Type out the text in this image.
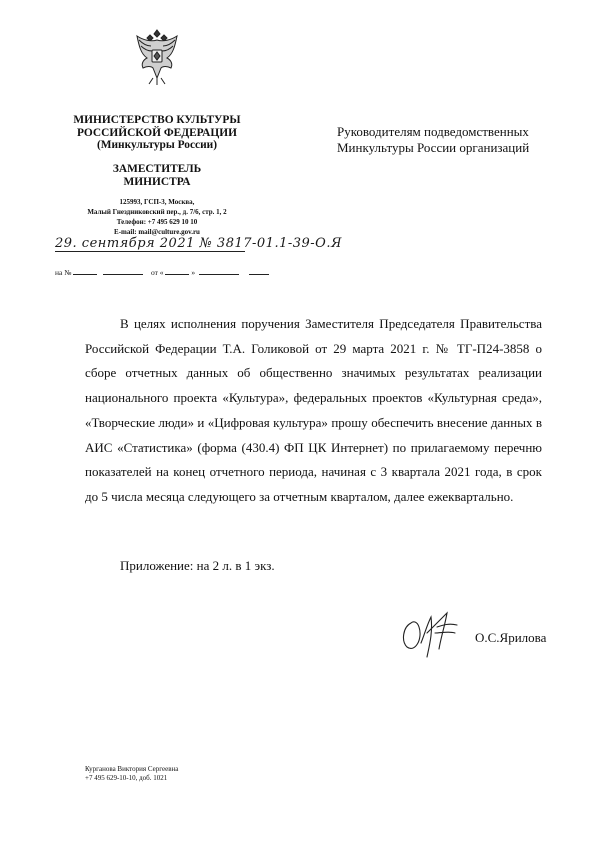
МИНИСТЕРСТВО КУЛЬТУРЫ
РОССИЙСКОЙ ФЕДЕРАЦИИ
(Минкультуры России)
ЗАМЕСТИТЕЛЬ
МИНИСТРА
125993, ГСП-3, Москва,
Малый Гнездниковский пер., д. 7/6, стр. 1, 2
Телефон: +7 495 629 10 10
E-mail: mail@culture.gov.ru
29. сентября 2021 № 3817-01.1-39-О.Я
на №	от «	»
Руководителям подведомственных
Минкультуры России организаций
В целях исполнения поручения Заместителя Председателя Правительства Российской Федерации Т.А. Голиковой от 29 марта 2021 г. № ТГ-П24-3858 о сборе отчетных данных об общественно значимых результатах реализации национального проекта «Культура», федеральных проектов «Культурная среда», «Творческие люди» и «Цифровая культура» прошу обеспечить внесение данных в АИС «Статистика» (форма (430.4) ФП ЦК Интернет) по прилагаемому перечню показателей на конец отчетного периода, начиная с 3 квартала 2021 года, в срок до 5 числа месяца следующего за отчетным кварталом, далее ежеквартально.
Приложение: на 2 л. в 1 экз.
О.С.Ярилова
Курганова Виктория Сергеевна
+7 495 629-10-10, доб. 1021
